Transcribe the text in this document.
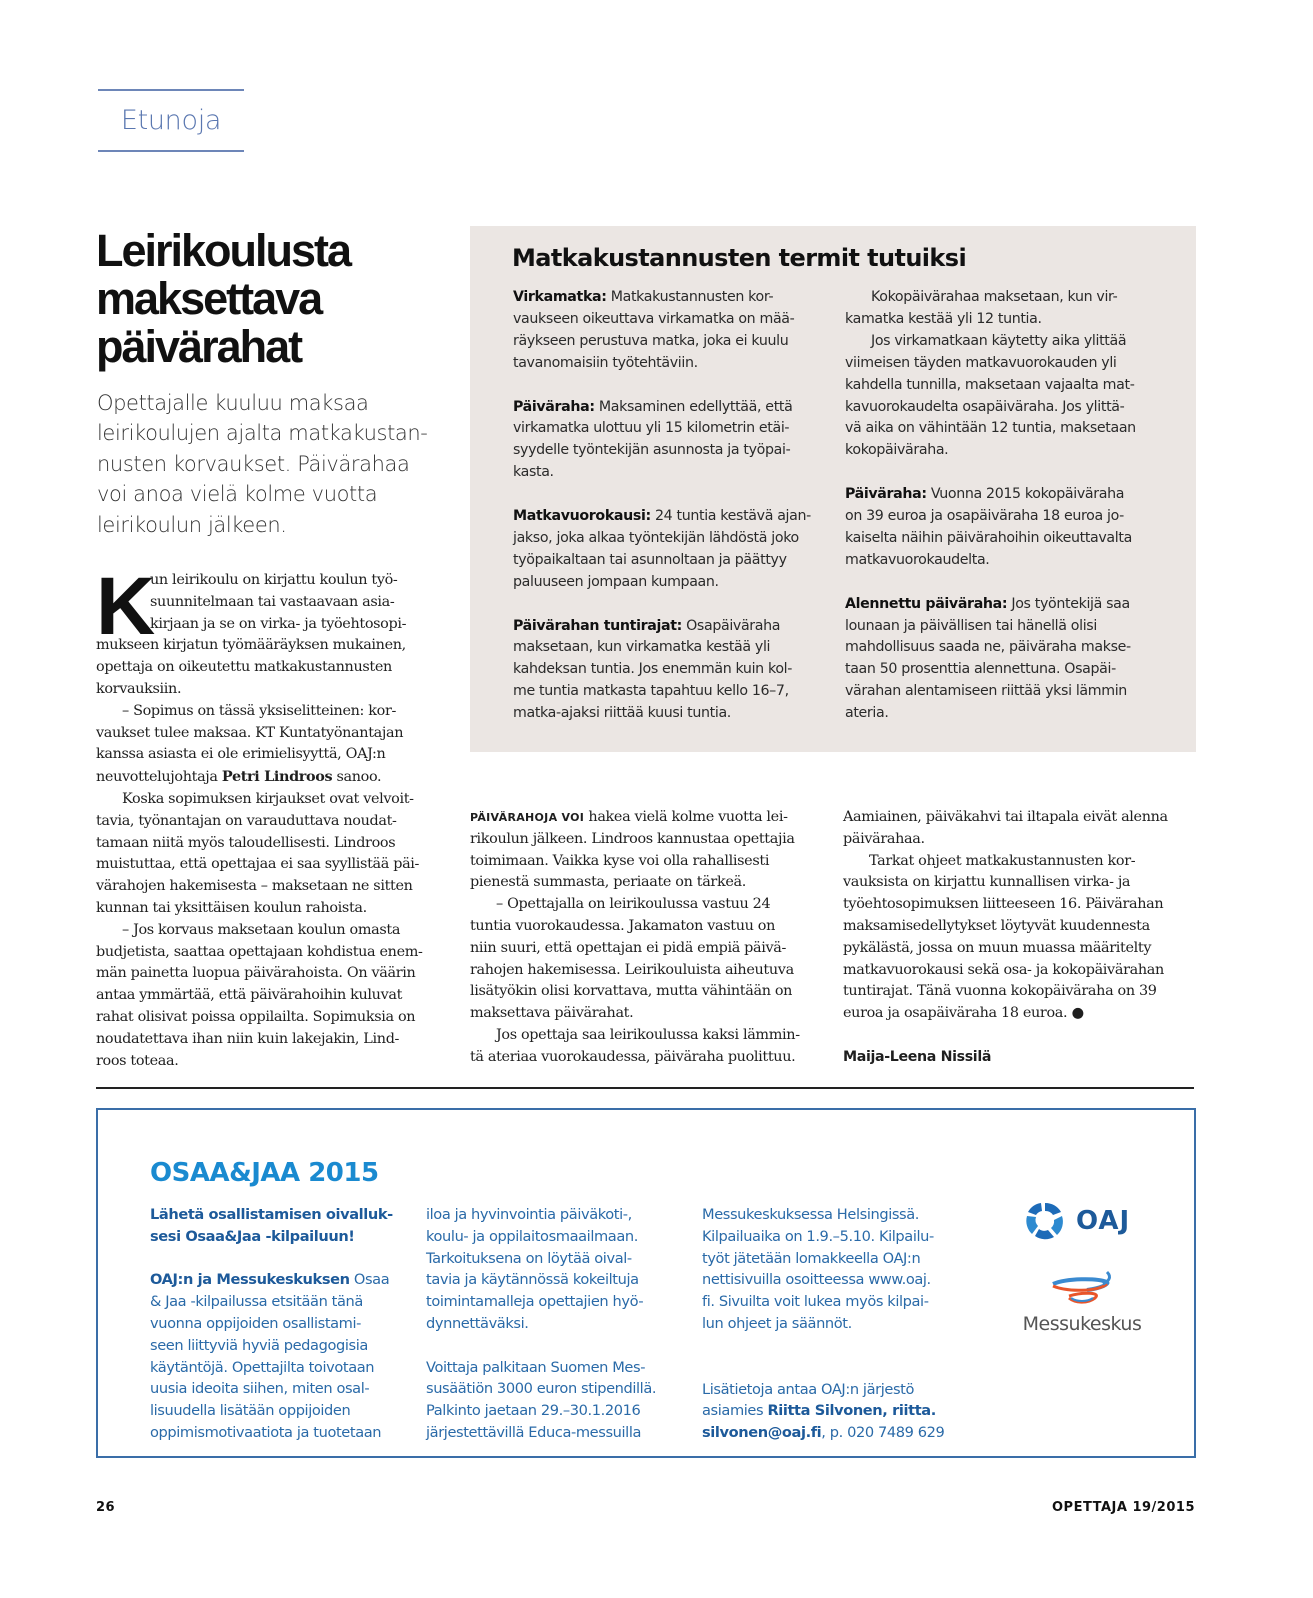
Etunoja
Leirikoulusta
maksettava
päivärahat
Opettajalle kuuluu maksaa
leirikoulujen ajalta matkakustan-
nusten korvaukset. Päivärahaa
voi anoa vielä kolme vuotta
leirikoulun jälkeen.
K
un leirikoulu on kirjattu koulun työ-
suunnitelmaan tai vastaavaan asia-
kirjaan ja se on virka- ja työehtosopi-
mukseen kirjatun työmääräyksen mukainen,
opettaja on oikeutettu matkakustannusten
korvauksiin.
– Sopimus on tässä yksiselitteinen: kor-
vaukset tulee maksaa. KT Kuntatyönantajan
kanssa asiasta ei ole erimielisyyttä, OAJ:n
neuvottelujohtaja Petri Lindroos sanoo.
Koska sopimuksen kirjaukset ovat velvoit-
tavia, työnantajan on varauduttava noudat-
tamaan niitä myös taloudellisesti. Lindroos
muistuttaa, että opettajaa ei saa syyllistää päi-
värahojen hakemisesta – maksetaan ne sitten
kunnan tai yksittäisen koulun rahoista.
– Jos korvaus maksetaan koulun omasta
budjetista, saattaa opettajaan kohdistua enem-
män painetta luopua päivärahoista. On väärin
antaa ymmärtää, että päivärahoihin kuluvat
rahat olisivat poissa oppilailta. Sopimuksia on
noudatettava ihan niin kuin lakejakin, Lind-
roos toteaa.
Matkakustannusten termit tutuiksi
Virkamatka: Matkakustannusten kor-
vaukseen oikeuttava virkamatka on mää-
räykseen perustuva matka, joka ei kuulu
tavanomaisiin työtehtäviin.
Päiväraha: Maksaminen edellyttää, että
virkamatka ulottuu yli 15 kilometrin etäi-
syydelle työntekijän asunnosta ja työpai-
kasta.
Matkavuorokausi: 24 tuntia kestävä ajan-
jakso, joka alkaa työntekijän lähdöstä joko
työpaikaltaan tai asunnoltaan ja päättyy
paluuseen jompaan kumpaan.
Päivärahan tuntirajat: Osapäiväraha
maksetaan, kun virkamatka kestää yli
kahdeksan tuntia. Jos enemmän kuin kol-
me tuntia matkasta tapahtuu kello 16–7,
matka-ajaksi riittää kuusi tuntia.
Kokopäivärahaa maksetaan, kun vir-
kamatka kestää yli 12 tuntia.
Jos virkamatkaan käytetty aika ylittää
viimeisen täyden matkavuorokauden yli
kahdella tunnilla, maksetaan vajaalta mat-
kavuorokaudelta osapäiväraha. Jos ylittä-
vä aika on vähintään 12 tuntia, maksetaan
kokopäiväraha.
Päiväraha: Vuonna 2015 kokopäiväraha
on 39 euroa ja osapäiväraha 18 euroa jo-
kaiselta näihin päivärahoihin oikeuttavalta
matkavuorokaudelta.
Alennettu päiväraha: Jos työntekijä saa
lounaan ja päivällisen tai hänellä olisi
mahdollisuus saada ne, päiväraha makse-
taan 50 prosenttia alennettuna. Osapäi-
värahan alentamiseen riittää yksi lämmin
ateria.
PÄIVÄRAHOJA VOI hakea vielä kolme vuotta lei-
rikoulun jälkeen. Lindroos kannustaa opettajia
toimimaan. Vaikka kyse voi olla rahallisesti
pienestä summasta, periaate on tärkeä.
– Opettajalla on leirikoulussa vastuu 24
tuntia vuorokaudessa. Jakamaton vastuu on
niin suuri, että opettajan ei pidä empiä päivä-
rahojen hakemisessa. Leirikouluista aiheutuva
lisätyökin olisi korvattava, mutta vähintään on
maksettava päivärahat.
Jos opettaja saa leirikoulussa kaksi lämmin-
tä ateriaa vuorokaudessa, päiväraha puolittuu.
Aamiainen, päiväkahvi tai iltapala eivät alenna
päivärahaa.
Tarkat ohjeet matkakustannusten kor-
vauksista on kirjattu kunnallisen virka- ja
työehtosopimuksen liitteeseen 16. Päivärahan
maksamisedellytykset löytyvät kuudennesta
pykälästä, jossa on muun muassa määritelty
matkavuorokausi sekä osa- ja kokopäivärahan
tuntirajat. Tänä vuonna kokopäiväraha on 39
euroa ja osapäiväraha 18 euroa. ●
Maija-Leena Nissilä
OSAA&JAA 2015
Lähetä osallistamisen oivalluk-
sesi Osaa&Jaa -kilpailuun!
OAJ:n ja Messukeskuksen Osaa
& Jaa -kilpailussa etsitään tänä
vuonna oppijoiden osallistami-
seen liittyviä hyviä pedagogisia
käytäntöjä. Opettajilta toivotaan
uusia ideoita siihen, miten osal-
lisuudella lisätään oppijoiden
oppimismotivaatiota ja tuotetaan
iloa ja hyvinvointia päiväkoti-,
koulu- ja oppilaitosmaailmaan.
Tarkoituksena on löytää oival-
tavia ja käytännössä kokeiltuja
toimintamalleja opettajien hyö-
dynnettäväksi.
Voittaja palkitaan Suomen Mes-
susäätiön 3000 euron stipendillä.
Palkinto jaetaan 29.–30.1.2016
järjestettävillä Educa-messuilla
Messukeskuksessa Helsingissä.
Kilpailuaika on 1.9.–5.10. Kilpailu-
työt jätetään lomakkeella OAJ:n
nettisivuilla osoitteessa www.oaj.
fi. Sivuilta voit lukea myös kilpai-
lun ohjeet ja säännöt.
Lisätietoja antaa OAJ:n järjestö
asiamies Riitta Silvonen, riitta.
silvonen@oaj.fi, p. 020 7489 629
OAJ
Messukeskus
26	OPETTAJA 19/2015
